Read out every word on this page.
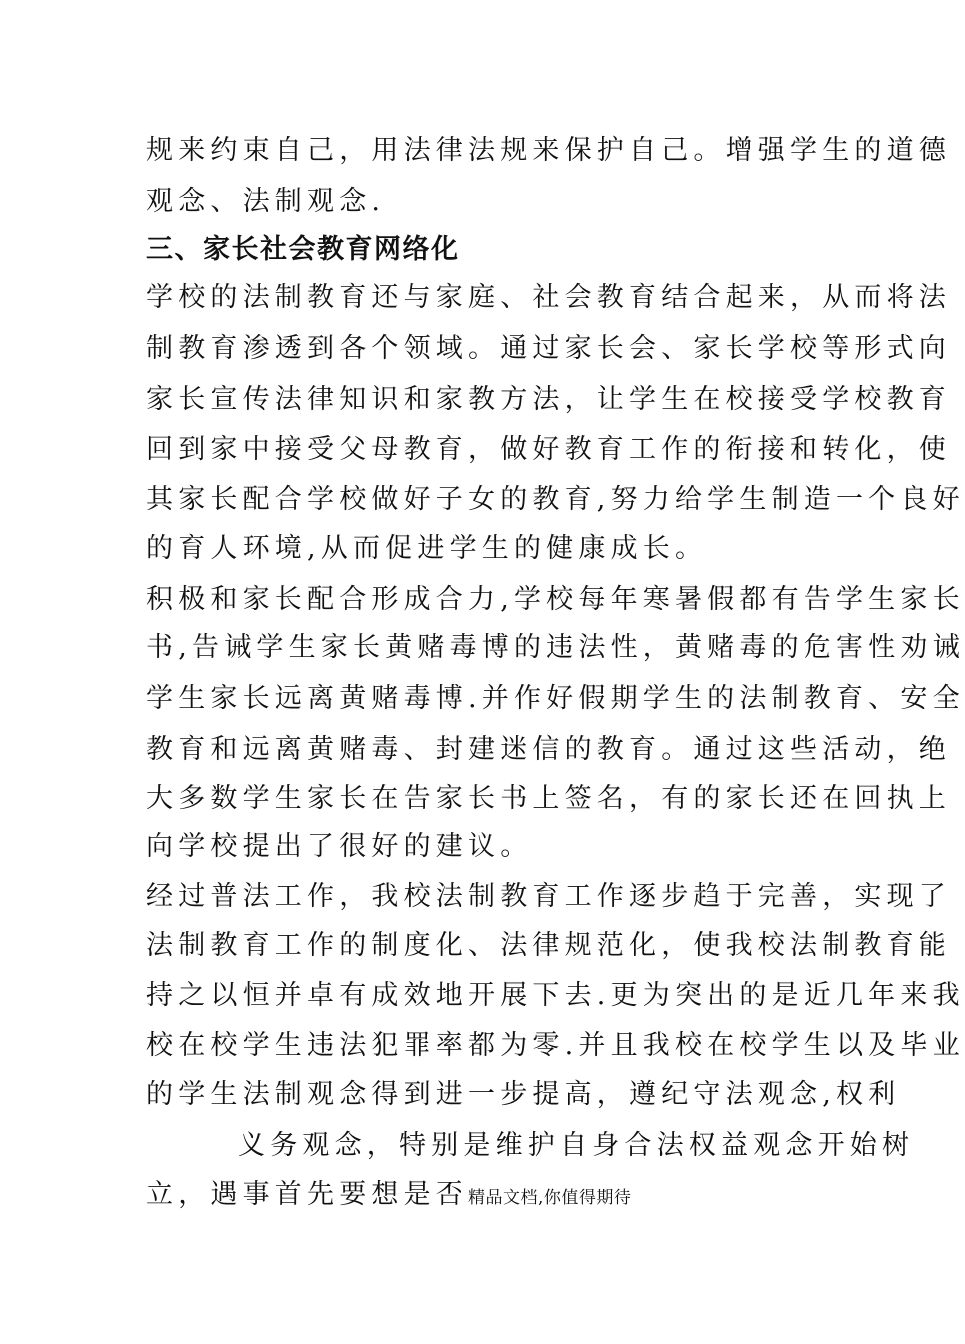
规来约束自己，用法律法规来保护自己。增强学生的道德
观念、法制观念.
三、家长社会教育网络化
学校的法制教育还与家庭、社会教育结合起来，从而将法
制教育渗透到各个领域。通过家长会、家长学校等形式向
家长宣传法律知识和家教方法，让学生在校接受学校教育
回到家中接受父母教育，做好教育工作的衔接和转化，使
其家长配合学校做好子女的教育,努力给学生制造一个良好
的育人环境,从而促进学生的健康成长。
积极和家长配合形成合力,学校每年寒暑假都有告学生家长
书,告诫学生家长黄赌毒博的违法性，黄赌毒的危害性劝诫
学生家长远离黄赌毒博.并作好假期学生的法制教育、安全
教育和远离黄赌毒、封建迷信的教育。通过这些活动，绝
大多数学生家长在告家长书上签名，有的家长还在回执上
向学校提出了很好的建议。
经过普法工作，我校法制教育工作逐步趋于完善，实现了
法制教育工作的制度化、法律规范化，使我校法制教育能
持之以恒并卓有成效地开展下去.更为突出的是近几年来我
校在校学生违法犯罪率都为零.并且我校在校学生以及毕业
的学生法制观念得到进一步提高，遵纪守法观念,权利
义务观念，特别是维护自身合法权益观念开始树
立，遇事首先要想是否精品文档,你值得期待
